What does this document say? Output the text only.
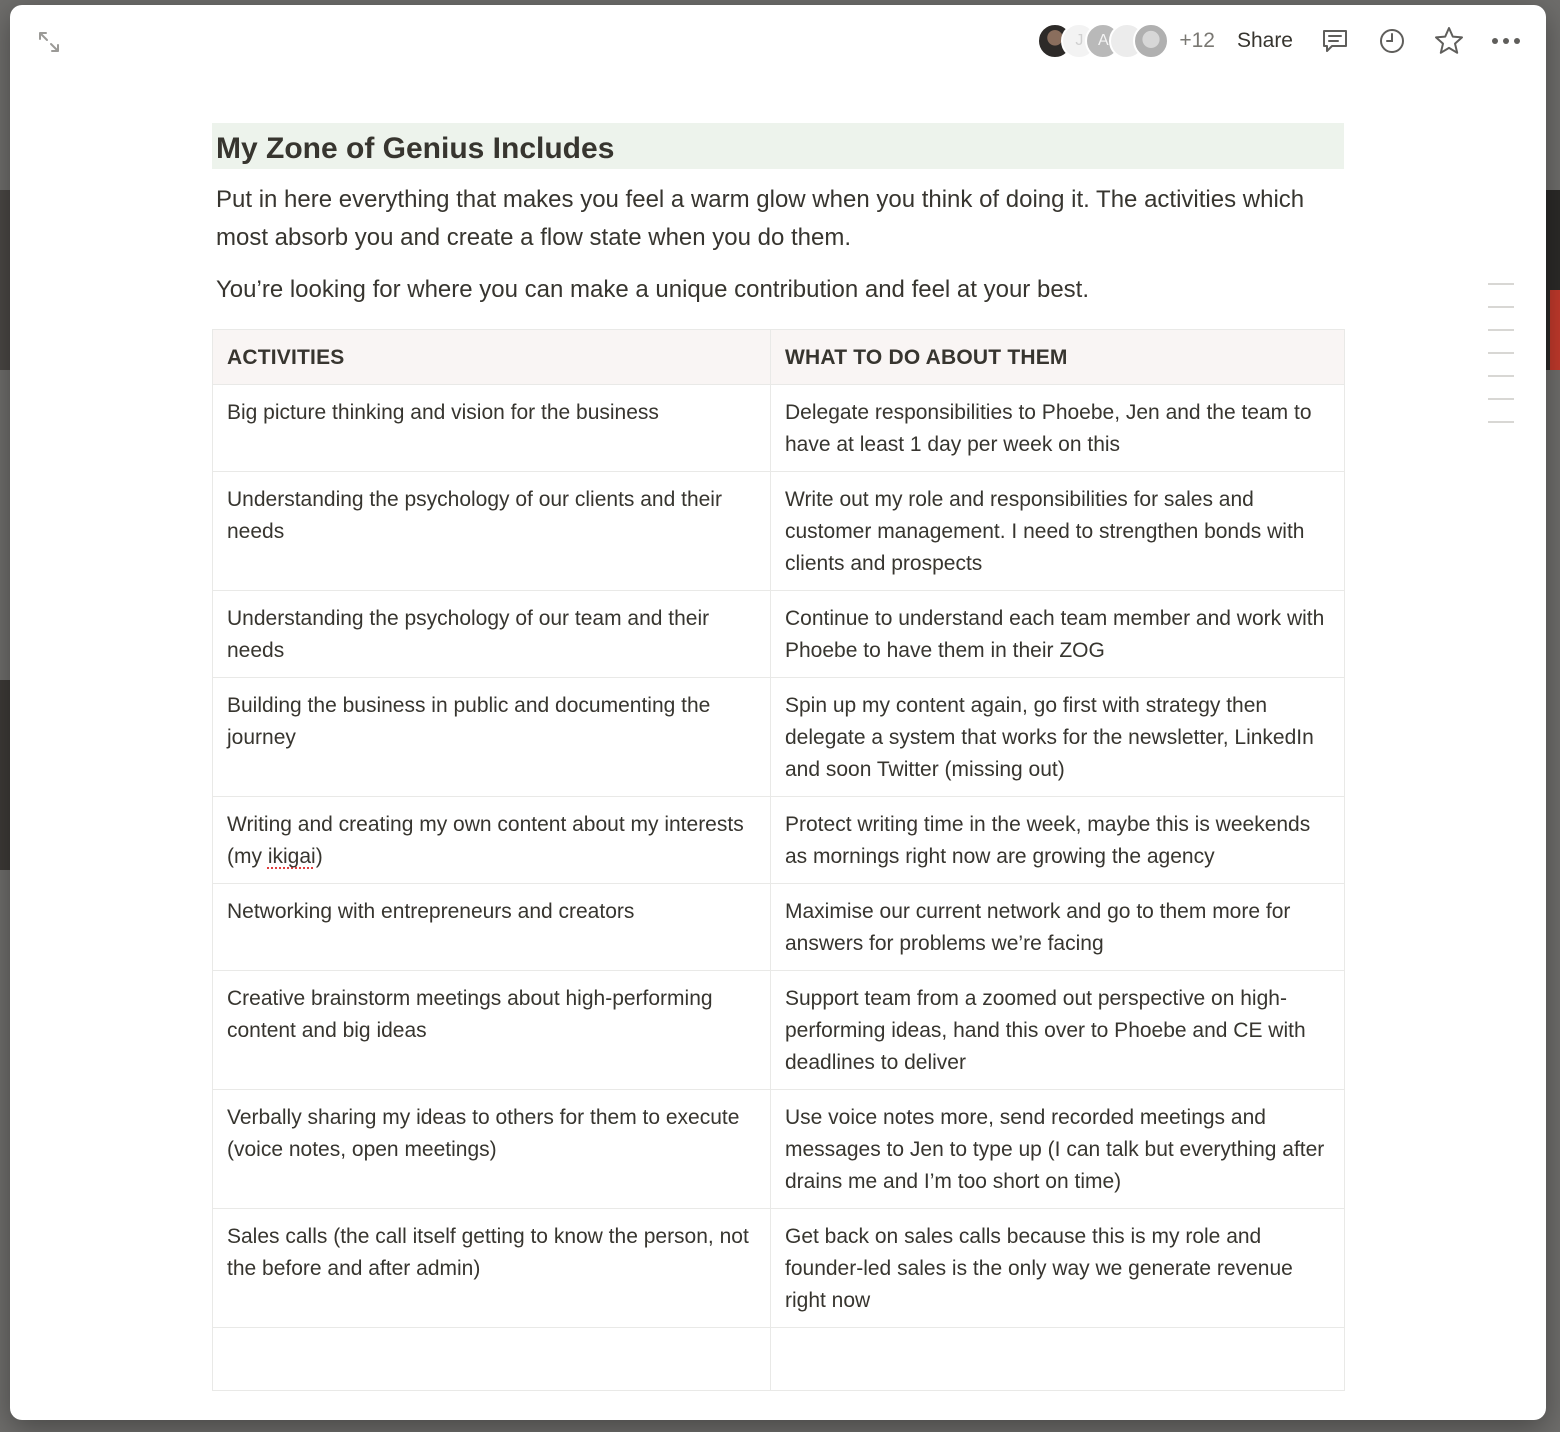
J A	+12 Share
My Zone of Genius Includes

Put in here everything that makes you feel a warm glow when you think of doing it. The activities which most absorb you and create a flow state when you do them.

You’re looking for where you can make a unique contribution and feel at your best.

ACTIVITIES	WHAT TO DO ABOUT THEM
Big picture thinking and vision for the business	Delegate responsibilities to Phoebe, Jen and the team to have at least 1 day per week on this
Understanding the psychology of our clients and their needs	Write out my role and responsibilities for sales and customer management. I need to strengthen bonds with clients and prospects
Understanding the psychology of our team and their needs	Continue to understand each team member and work with Phoebe to have them in their ZOG
Building the business in public and documenting the journey	Spin up my content again, go first with strategy then delegate a system that works for the newsletter, LinkedIn and soon Twitter (missing out)
Writing and creating my own content about my interests (my ikigai)	Protect writing time in the week, maybe this is weekends as mornings right now are growing the agency
Networking with entrepreneurs and creators	Maximise our current network and go to them more for answers for problems we’re facing
Creative brainstorm meetings about high-performing content and big ideas	Support team from a zoomed out perspective on high-performing ideas, hand this over to Phoebe and CE with deadlines to deliver
Verbally sharing my ideas to others for them to execute (voice notes, open meetings)	Use voice notes more, send recorded meetings and messages to Jen to type up (I can talk but everything after drains me and I’m too short on time)
Sales calls (the call itself getting to know the person, not the before and after admin)	Get back on sales calls because this is my role and founder-led sales is the only way we generate revenue right now
